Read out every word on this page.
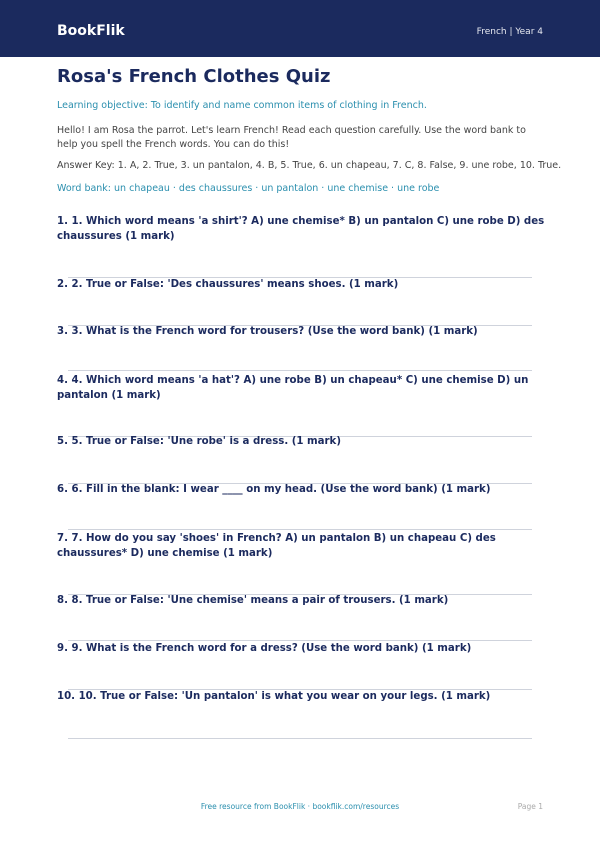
BookFlik	French | Year 4
Rosa's French Clothes Quiz

Learning objective: To identify and name common items of clothing in French.

Hello! I am Rosa the parrot. Let's learn French! Read each question carefully. Use the word bank to help you spell the French words. You can do this!

Answer Key: 1. A, 2. True, 3. un pantalon, 4. B, 5. True, 6. un chapeau, 7. C, 8. False, 9. une robe, 10. True.

Word bank: un chapeau · des chaussures · un pantalon · une chemise · une robe

1. 1. Which word means 'a shirt'? A) une chemise* B) un pantalon C) une robe D) des chaussures (1 mark)
2. 2. True or False: 'Des chaussures' means shoes. (1 mark)
3. 3. What is the French word for trousers? (Use the word bank) (1 mark)
4. 4. Which word means 'a hat'? A) une robe B) un chapeau* C) une chemise D) un pantalon (1 mark)
5. 5. True or False: 'Une robe' is a dress. (1 mark)
6. 6. Fill in the blank: I wear ____ on my head. (Use the word bank) (1 mark)
7. 7. How do you say 'shoes' in French? A) un pantalon B) un chapeau C) des chaussures* D) une chemise (1 mark)
8. 8. True or False: 'Une chemise' means a pair of trousers. (1 mark)
9. 9. What is the French word for a dress? (Use the word bank) (1 mark)
10. 10. True or False: 'Un pantalon' is what you wear on your legs. (1 mark)
Free resource from BookFlik · bookflik.com/resources	Page 1
